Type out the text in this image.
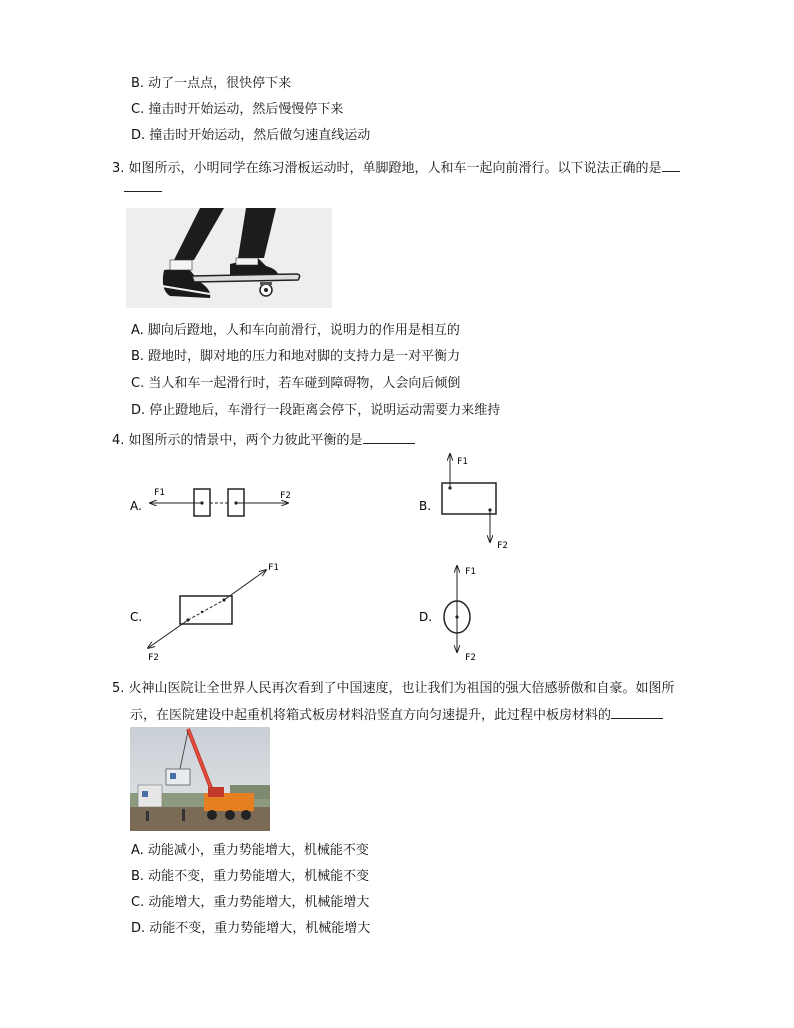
B. 动了一点点，很快停下来
C. 撞击时开始运动，然后慢慢停下来
D. 撞击时开始运动，然后做匀速直线运动
3. 如图所示，小明同学在练习滑板运动时，单脚蹬地，人和车一起向前滑行。以下说法正确的是
A. 脚向后蹬地，人和车向前滑行，说明力的作用是相互的
B. 蹬地时，脚对地的压力和地对脚的支持力是一对平衡力
C. 当人和车一起滑行时，若车碰到障碍物，人会向后倾倒
D. 停止蹬地后，车滑行一段距离会停下，说明运动需要力来维持
4. 如图所示的情景中，两个力彼此平衡的是
A.
F1	F2
B.
F1
F2
C.
F1
F2
D.
F1
F2
5. 火神山医院让全世界人民再次看到了中国速度，也让我们为祖国的强大倍感骄傲和自豪。如图所
示，在医院建设中起重机将箱式板房材料沿竖直方向匀速提升，此过程中板房材料的
A. 动能减小，重力势能增大，机械能不变
B. 动能不变，重力势能增大，机械能不变
C. 动能增大，重力势能增大，机械能增大
D. 动能不变，重力势能增大，机械能增大
